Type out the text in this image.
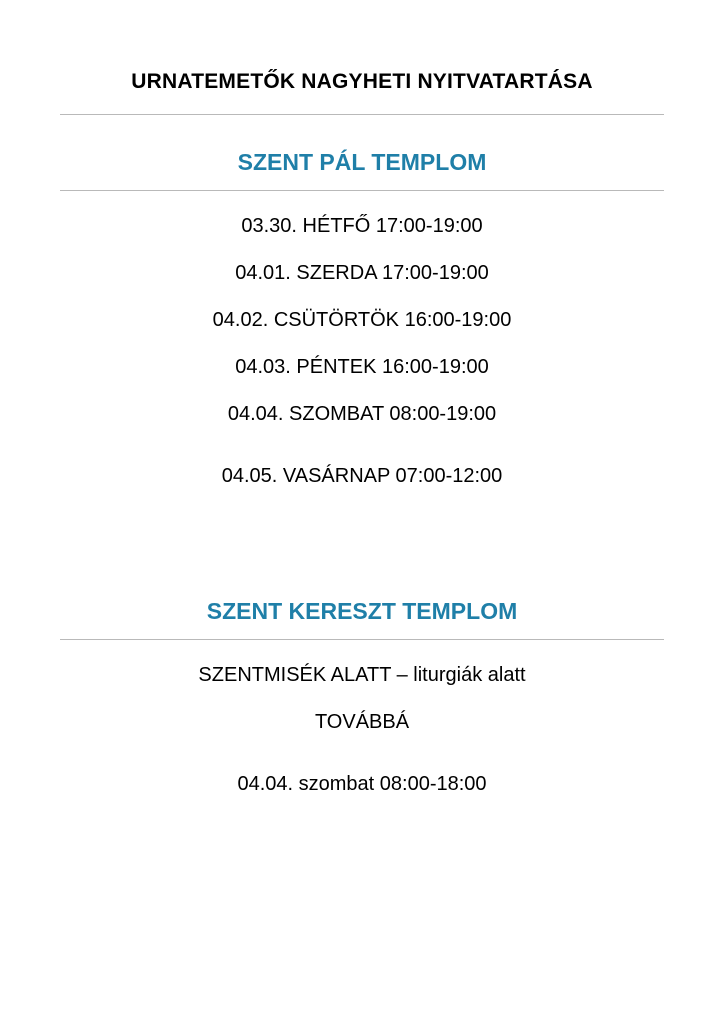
URNATEMETŐK NAGYHETI NYITVATARTÁSA
SZENT PÁL TEMPLOM
03.30. HÉTFŐ 17:00-19:00
04.01. SZERDA 17:00-19:00
04.02. CSÜTÖRTÖK 16:00-19:00
04.03. PÉNTEK 16:00-19:00
04.04. SZOMBAT 08:00-19:00
04.05. VASÁRNAP 07:00-12:00
SZENT KERESZT TEMPLOM
SZENTMISÉK ALATT – liturgiák alatt
TOVÁBBÁ
04.04. szombat 08:00-18:00
